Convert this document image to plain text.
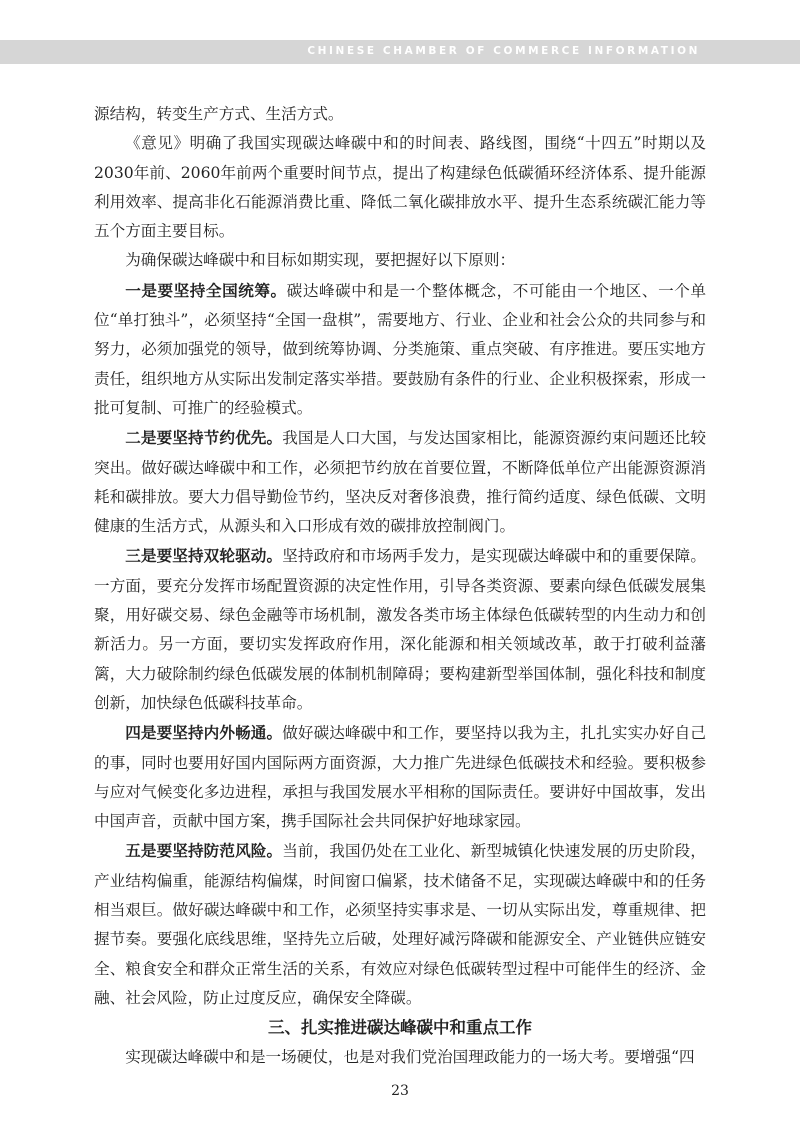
CHINESE CHAMBER OF COMMERCE INFORMATION

源结构，转变生产方式、生活方式。

《意见》明确了我国实现碳达峰碳中和的时间表、路线图，围绕“十四五”时期以及2030年前、2060年前两个重要时间节点，提出了构建绿色低碳循环经济体系、提升能源利用效率、提高非化石能源消费比重、降低二氧化碳排放水平、提升生态系统碳汇能力等五个方面主要目标。

为确保碳达峰碳中和目标如期实现，要把握好以下原则：

一是要坚持全国统筹。碳达峰碳中和是一个整体概念，不可能由一个地区、一个单位“单打独斗”，必须坚持“全国一盘棋”，需要地方、行业、企业和社会公众的共同参与和努力，必须加强党的领导，做到统筹协调、分类施策、重点突破、有序推进。要压实地方责任，组织地方从实际出发制定落实举措。要鼓励有条件的行业、企业积极探索，形成一批可复制、可推广的经验模式。

二是要坚持节约优先。我国是人口大国，与发达国家相比，能源资源约束问题还比较突出。做好碳达峰碳中和工作，必须把节约放在首要位置，不断降低单位产出能源资源消耗和碳排放。要大力倡导勤俭节约，坚决反对奢侈浪费，推行简约适度、绿色低碳、文明健康的生活方式，从源头和入口形成有效的碳排放控制阀门。

三是要坚持双轮驱动。坚持政府和市场两手发力，是实现碳达峰碳中和的重要保障。一方面，要充分发挥市场配置资源的决定性作用，引导各类资源、要素向绿色低碳发展集聚，用好碳交易、绿色金融等市场机制，激发各类市场主体绿色低碳转型的内生动力和创新活力。另一方面，要切实发挥政府作用，深化能源和相关领域改革，敢于打破利益藩篱，大力破除制约绿色低碳发展的体制机制障碍；要构建新型举国体制，强化科技和制度创新，加快绿色低碳科技革命。

四是要坚持内外畅通。做好碳达峰碳中和工作，要坚持以我为主，扎扎实实办好自己的事，同时也要用好国内国际两方面资源，大力推广先进绿色低碳技术和经验。要积极参与应对气候变化多边进程，承担与我国发展水平相称的国际责任。要讲好中国故事，发出中国声音，贡献中国方案，携手国际社会共同保护好地球家园。

五是要坚持防范风险。当前，我国仍处在工业化、新型城镇化快速发展的历史阶段，产业结构偏重，能源结构偏煤，时间窗口偏紧，技术储备不足，实现碳达峰碳中和的任务相当艰巨。做好碳达峰碳中和工作，必须坚持实事求是、一切从实际出发，尊重规律、把握节奏。要强化底线思维，坚持先立后破，处理好减污降碳和能源安全、产业链供应链安全、粮食安全和群众正常生活的关系，有效应对绿色低碳转型过程中可能伴生的经济、金融、社会风险，防止过度反应，确保安全降碳。

三、扎实推进碳达峰碳中和重点工作

实现碳达峰碳中和是一场硬仗，也是对我们党治国理政能力的一场大考。要增强“四

23
